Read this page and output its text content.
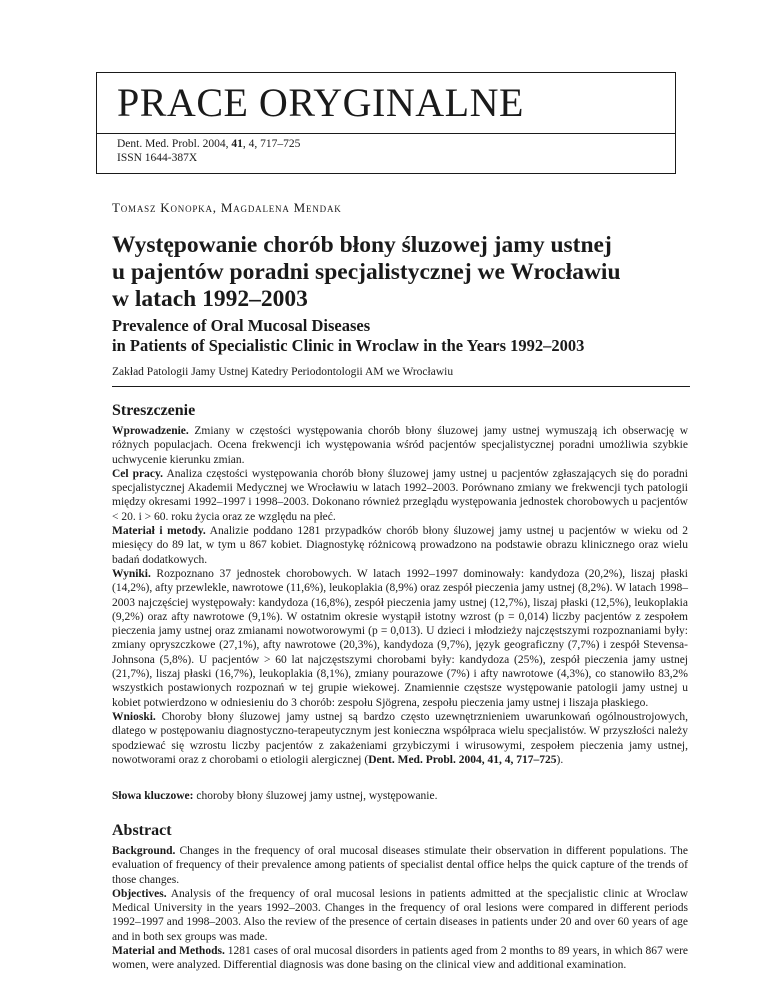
PRACE ORYGINALNE
Dent. Med. Probl. 2004, 41, 4, 717–725
ISSN 1644-387X
Tomasz Konopka, Magdalena Mendak
Występowanie chorób błony śluzowej jamy ustnej
u pajentów poradni specjalistycznej we Wrocławiu
w latach 1992–2003
Prevalence of Oral Mucosal Diseases
in Patients of Specialistic Clinic in Wroclaw in the Years 1992–2003
Zakład Patologii Jamy Ustnej Katedry Periodontologii AM we Wrocławiu
Streszczenie

Wprowadzenie. Zmiany w częstości występowania chorób błony śluzowej jamy ustnej wymuszają ich obserwację w różnych populacjach. Ocena frekwencji ich występowania wśród pacjentów specjalistycznej poradni umożliwia szybkie uchwycenie kierunku zmian.

Cel pracy. Analiza częstości występowania chorób błony śluzowej jamy ustnej u pacjentów zgłaszających się do poradni specjalistycznej Akademii Medycznej we Wrocławiu w latach 1992–2003. Porównano zmiany we frekwencji tych patologii między okresami 1992–1997 i 1998–2003. Dokonano również przeglądu występowania jednostek chorobowych u pacjentów < 20. i > 60. roku życia oraz ze względu na płeć.

Materiał i metody. Analizie poddano 1281 przypadków chorób błony śluzowej jamy ustnej u pacjentów w wieku od 2 miesięcy do 89 lat, w tym u 867 kobiet. Diagnostykę różnicową prowadzono na podstawie obrazu klinicznego oraz wielu badań dodatkowych.

Wyniki. Rozpoznano 37 jednostek chorobowych. W latach 1992–1997 dominowały: kandydoza (20,2%), liszaj płaski (14,2%), afty przewlekle, nawrotowe (11,6%), leukoplakia (8,9%) oraz zespół pieczenia jamy ustnej (8,2%). W latach 1998–2003 najczęściej występowały: kandydoza (16,8%), zespół pieczenia jamy ustnej (12,7%), liszaj płaski (12,5%), leukoplakia (9,2%) oraz afty nawrotowe (9,1%). W ostatnim okresie wystąpił istotny wzrost (p = 0,014) liczby pacjentów z zespołem pieczenia jamy ustnej oraz zmianami nowotworowymi (p = 0,013). U dzieci i młodzieży najczęstszymi rozpoznaniami były: zmiany opryszczkowe (27,1%), afty nawrotowe (20,3%), kandydoza (9,7%), język geograficzny (7,7%) i zespół Stevensa-Johnsona (5,8%). U pacjentów > 60 lat najczęstszymi chorobami były: kandydoza (25%), zespół pieczenia jamy ustnej (21,7%), liszaj płaski (16,7%), leukoplakia (8,1%), zmiany pourazowe (7%) i afty nawrotowe (4,3%), co stanowiło 83,2% wszystkich postawionych rozpoznań w tej grupie wiekowej. Znamiennie częstsze występowanie patologii jamy ustnej u kobiet potwierdzono w odniesieniu do 3 chorób: zespołu Sjögrena, zespołu pieczenia jamy ustnej i liszaja płaskiego.

Wnioski. Choroby błony śluzowej jamy ustnej są bardzo często uzewnętrznieniem uwarunkowań ogólnoustrojowych, dlatego w postępowaniu diagnostyczno-terapeutycznym jest konieczna współpraca wielu specjalistów. W przyszłości należy spodziewać się wzrostu liczby pacjentów z zakażeniami grzybiczymi i wirusowymi, zespołem pieczenia jamy ustnej, nowotworami oraz z chorobami o etiologii alergicznej (Dent. Med. Probl. 2004, 41, 4, 717–725).

Słowa kluczowe: choroby błony śluzowej jamy ustnej, występowanie.
Abstract

Background. Changes in the frequency of oral mucosal diseases stimulate their observation in different populations. The evaluation of frequency of their prevalence among patients of specialist dental office helps the quick capture of the trends of those changes.

Objectives. Analysis of the frequency of oral mucosal lesions in patients admitted at the specjalistic clinic at Wroclaw Medical University in the years 1992–2003. Changes in the frequency of oral lesions were compared in different periods 1992–1997 and 1998–2003. Also the review of the presence of certain diseases in patients under 20 and over 60 years of age and in both sex groups was made.

Material and Methods. 1281 cases of oral mucosal disorders in patients aged from 2 months to 89 years, in which 867 were women, were analyzed. Differential diagnosis was done basing on the clinical view and additional examination.
